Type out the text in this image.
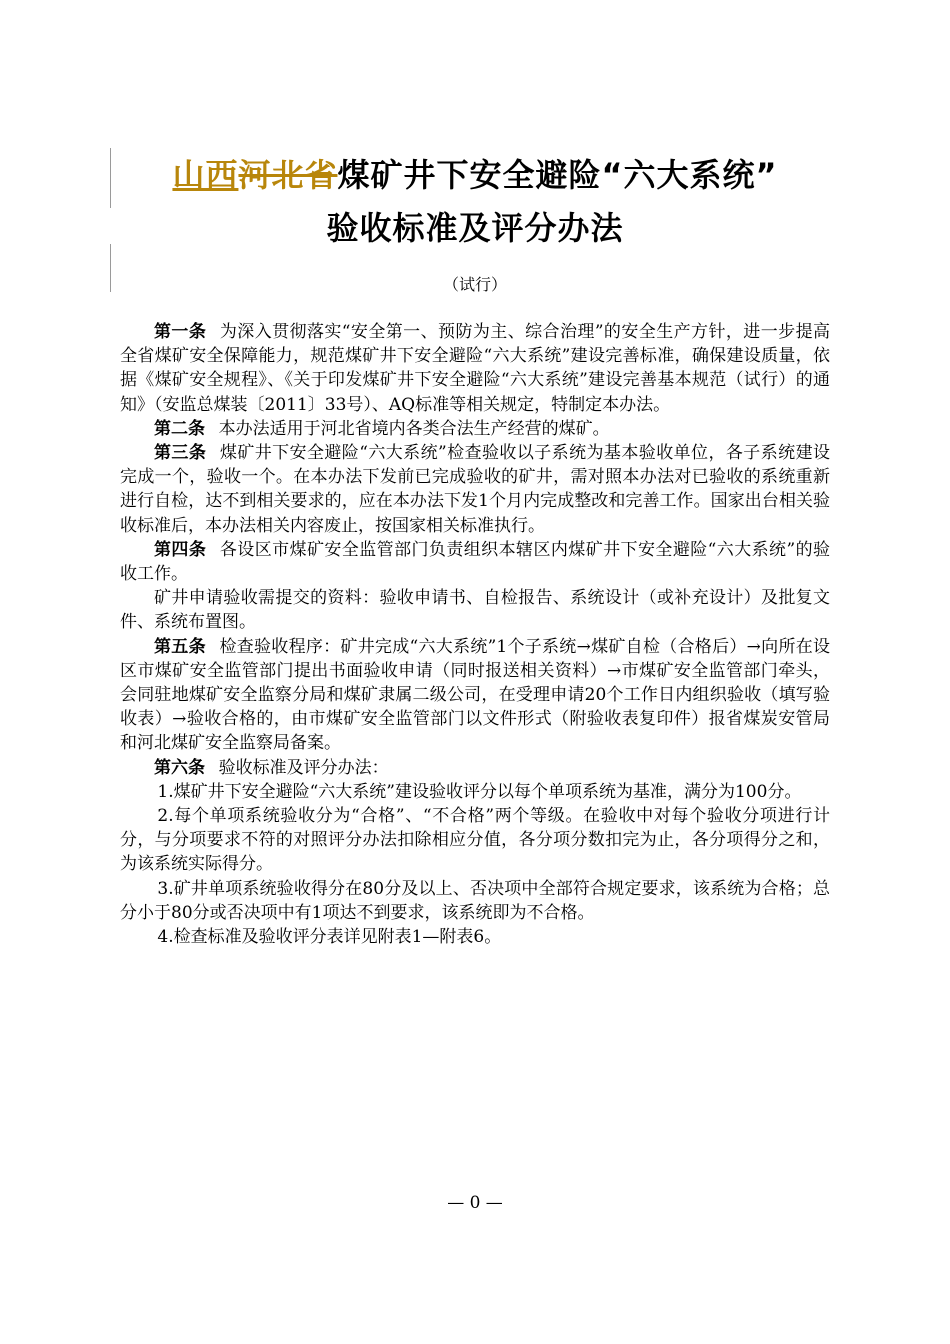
山西河北省煤矿井下安全避险“六大系统”
验收标准及评分办法
（试行）

第一条 为深入贯彻落实“安全第一、预防为主、综合治理”的安全生产方针，进一步提高全省煤矿安全保障能力，规范煤矿井下安全避险“六大系统”建设完善标准，确保建设质量，依据《煤矿安全规程》、《关于印发煤矿井下安全避险“六大系统”建设完善基本规范（试行）的通知》（安监总煤装〔2011〕33号）、AQ标准等相关规定，特制定本办法。

第二条 本办法适用于河北省境内各类合法生产经营的煤矿。

第三条 煤矿井下安全避险“六大系统”检查验收以子系统为基本验收单位，各子系统建设完成一个，验收一个。在本办法下发前已完成验收的矿井，需对照本办法对已验收的系统重新进行自检，达不到相关要求的，应在本办法下发1个月内完成整改和完善工作。国家出台相关验收标准后，本办法相关内容废止，按国家相关标准执行。

第四条 各设区市煤矿安全监管部门负责组织本辖区内煤矿井下安全避险“六大系统”的验收工作。

矿井申请验收需提交的资料：验收申请书、自检报告、系统设计（或补充设计）及批复文件、系统布置图。

第五条 检查验收程序：矿井完成“六大系统”1个子系统→煤矿自检（合格后）→向所在设区市煤矿安全监管部门提出书面验收申请（同时报送相关资料）→市煤矿安全监管部门牵头，会同驻地煤矿安全监察分局和煤矿隶属二级公司，在受理申请20个工作日内组织验收（填写验收表）→验收合格的，由市煤矿安全监管部门以文件形式（附验收表复印件）报省煤炭安管局和河北煤矿安全监察局备案。

第六条 验收标准及评分办法：

1.煤矿井下安全避险“六大系统”建设验收评分以每个单项系统为基准，满分为100分。

2.每个单项系统验收分为“合格”、“不合格”两个等级。在验收中对每个验收分项进行计分，与分项要求不符的对照评分办法扣除相应分值，各分项分数扣完为止，各分项得分之和，为该系统实际得分。

3.矿井单项系统验收得分在80分及以上、否决项中全部符合规定要求，该系统为合格；总分小于80分或否决项中有1项达不到要求，该系统即为不合格。

4.检查标准及验收评分表详见附表1—附表6。

— 0 —
